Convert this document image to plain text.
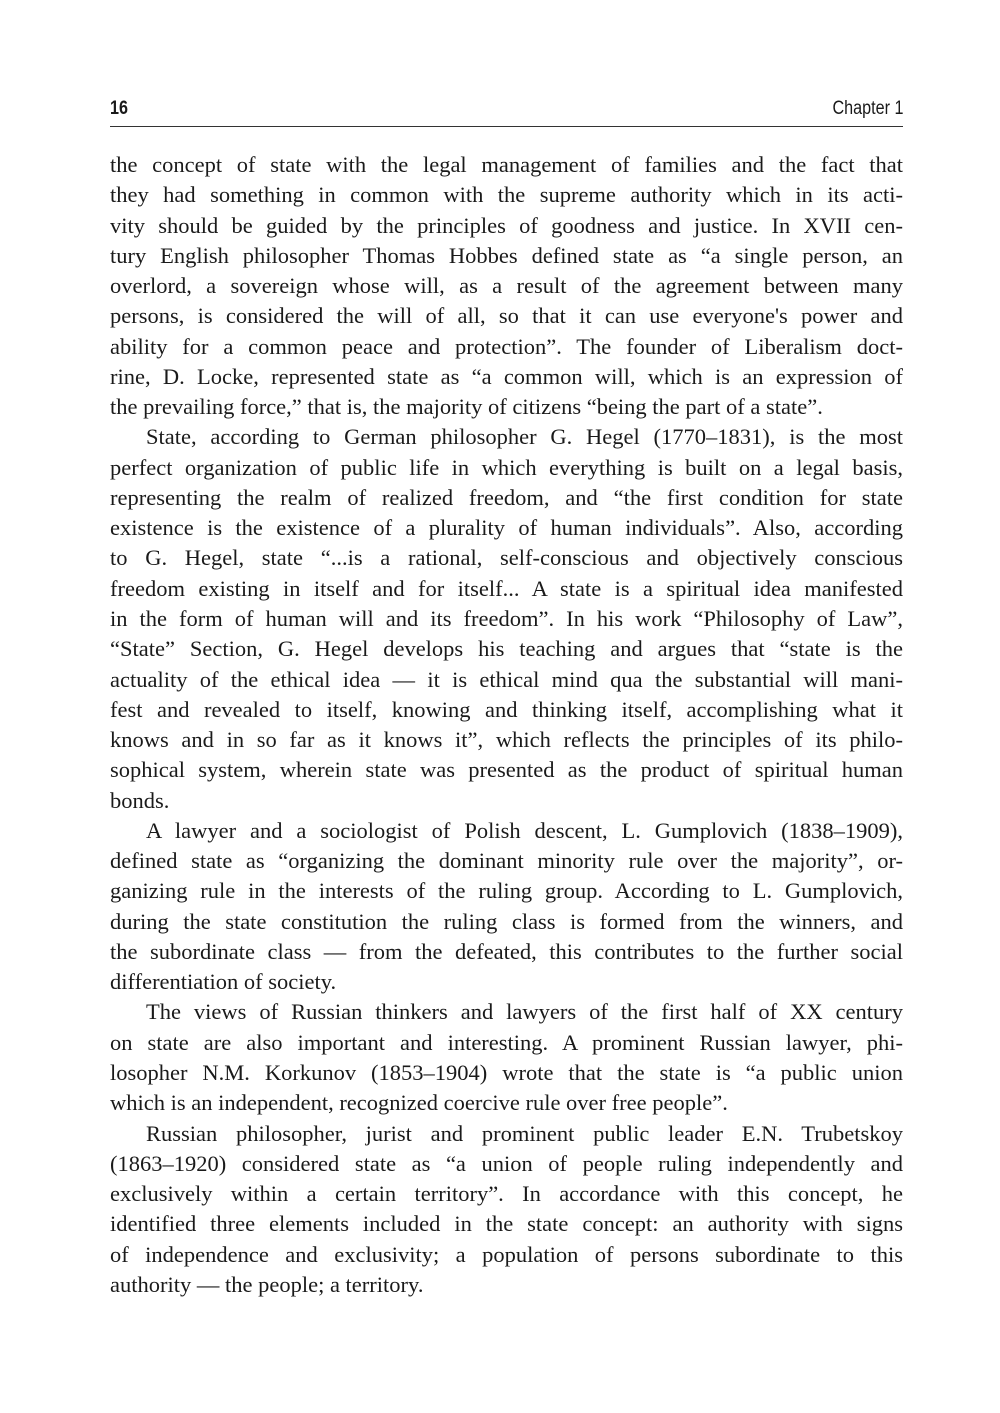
16	Chapter 1
the concept of state with the legal management of families and the fact that
they had something in common with the supreme authority which in its acti-
vity should be guided by the principles of goodness and justice. In XVII cen-
tury English philosopher Thomas Hobbes defined state as “a single person, an
overlord, a sovereign whose will, as a result of the agreement between many
persons, is considered the will of all, so that it can use everyone's power and
ability for a common peace and protection”. The founder of Liberalism doct-
rine, D. Locke, represented state as “a common will, which is an expression of
the prevailing force,” that is, the majority of citizens “being the part of a state”.
State, according to German philosopher G. Hegel (1770–1831), is the most
perfect organization of public life in which everything is built on a legal basis,
representing the realm of realized freedom, and “the first condition for state
existence is the existence of a plurality of human individuals”. Also, according
to G. Hegel, state “...is a rational, self-conscious and objectively conscious
freedom existing in itself and for itself... A state is a spiritual idea manifested
in the form of human will and its freedom”. In his work “Philosophy of Law”,
“State” Section, G. Hegel develops his teaching and argues that “state is the
actuality of the ethical idea — it is ethical mind qua the substantial will mani-
fest and revealed to itself, knowing and thinking itself, accomplishing what it
knows and in so far as it knows it”, which reflects the principles of its philo-
sophical system, wherein state was presented as the product of spiritual human
bonds.
A lawyer and a sociologist of Polish descent, L. Gumplovich (1838–1909),
defined state as “organizing the dominant minority rule over the majority”, or-
ganizing rule in the interests of the ruling group. According to L. Gumplovich,
during the state constitution the ruling class is formed from the winners, and
the subordinate class — from the defeated, this contributes to the further social
differentiation of society.
The views of Russian thinkers and lawyers of the first half of XX century
on state are also important and interesting. A prominent Russian lawyer, phi-
losopher N.M. Korkunov (1853–1904) wrote that the state is “a public union
which is an independent, recognized coercive rule over free people”.
Russian philosopher, jurist and prominent public leader E.N. Trubetskoy
(1863–1920) considered state as “a union of people ruling independently and
exclusively within a certain territory”. In accordance with this concept, he
identified three elements included in the state concept: an authority with signs
of independence and exclusivity; a population of persons subordinate to this
authority — the people; a territory.
